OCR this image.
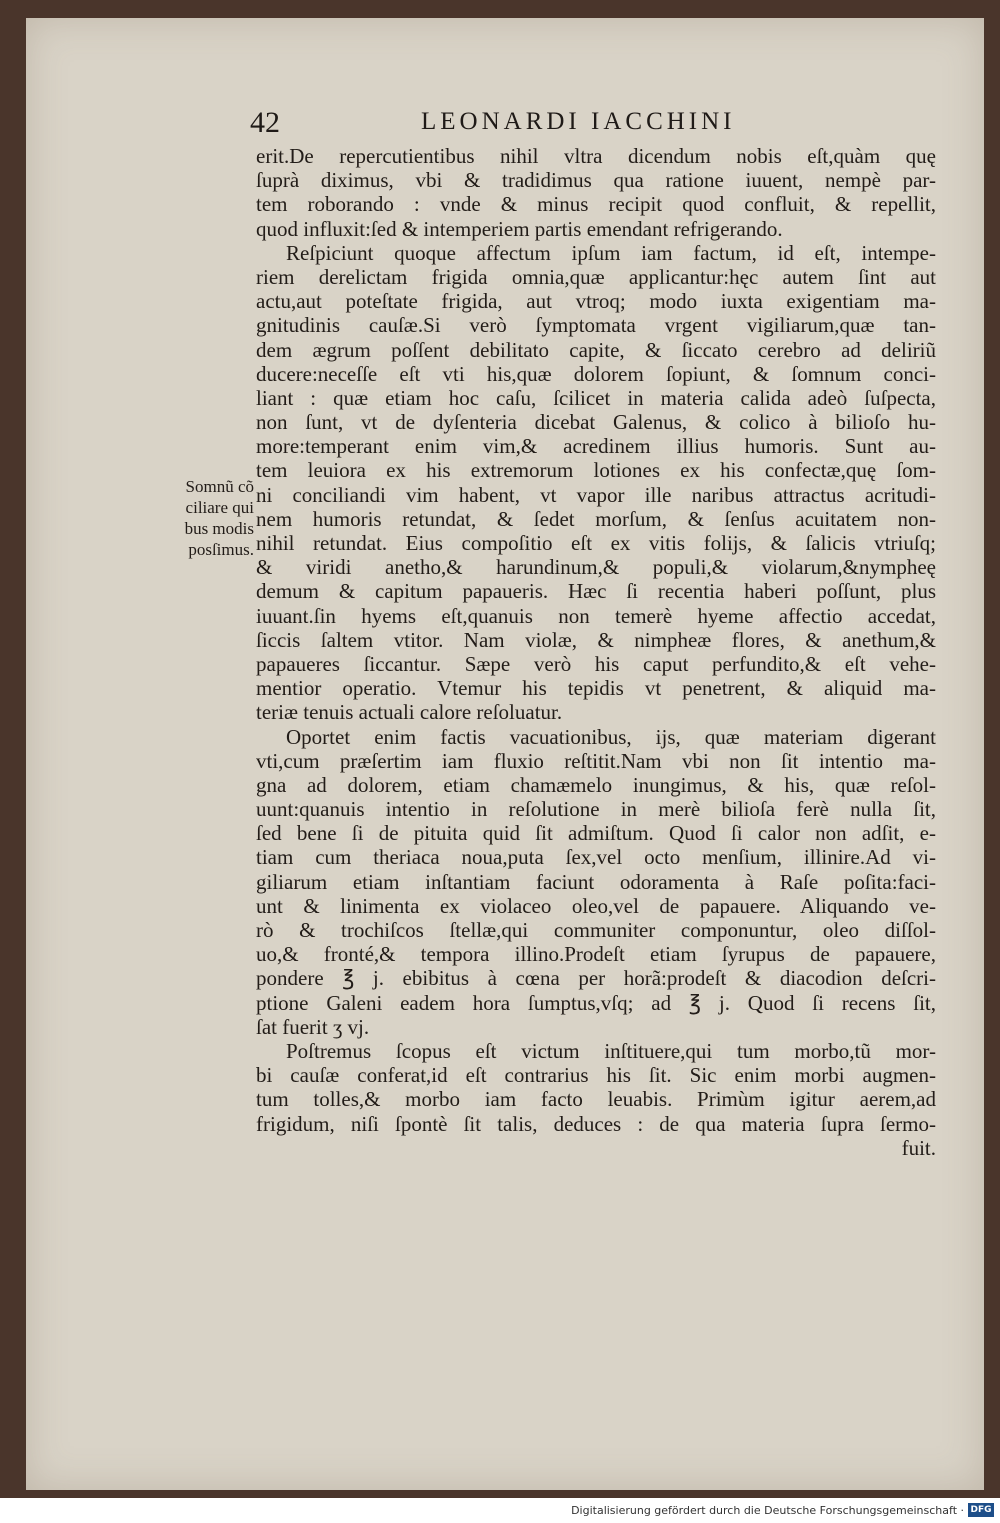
42	LEONARDI IACCHINI
Somnũ cõ
ciliare qui
bus modis
posſimus.
erit.De repercutientibus nihil vltra dicendum nobis eſt,quàm quę
ſuprà diximus, vbi & tradidimus qua ratione iuuent, nempè par-
tem roborando : vnde & minus recipit quod confluit, & repellit,
quod influxit:ſed & intemperiem partis emendant refrigerando.
Reſpiciunt quoque affectum ipſum iam factum, id eſt, intempe-
riem derelictam frigida omnia,quæ applicantur:hęc autem ſint aut
actu,aut poteſtate frigida, aut vtroq; modo iuxta exigentiam ma-
gnitudinis cauſæ.Si verò ſymptomata vrgent vigiliarum,quæ tan-
dem ægrum poſſent debilitato capite, & ſiccato cerebro ad deliriũ
ducere:neceſſe eſt vti his,quæ dolorem ſopiunt, & ſomnum conci-
liant : quæ etiam hoc caſu, ſcilicet in materia calida adeò ſuſpecta,
non ſunt, vt de dyſenteria dicebat Galenus, & colico à bilioſo hu-
more:temperant enim vim,& acredinem illius humoris. Sunt au-
tem leuiora ex his extremorum lotiones ex his confectæ,quę ſom-
ni conciliandi vim habent, vt vapor ille naribus attractus acritudi-
nem humoris retundat, & ſedet morſum, & ſenſus acuitatem non-
nihil retundat. Eius compoſitio eſt ex vitis folijs, & ſalicis vtriuſq;
& viridi anetho,& harundinum,& populi,& violarum,&nympheę
demum & capitum papaueris. Hæc ſi recentia haberi poſſunt, plus
iuuant.ſin hyems eſt,quanuis non temerè hyeme affectio accedat,
ſiccis ſaltem vtitor. Nam violæ, & nimpheæ flores, & anethum,&
papaueres ſiccantur. Sæpe verò his caput perfundito,& eſt vehe-
mentior operatio. Vtemur his tepidis vt penetrent, & aliquid ma-
teriæ tenuis actuali calore reſoluatur.
Oportet enim factis vacuationibus, ijs, quæ materiam digerant
vti,cum præſertim iam fluxio reſtitit.Nam vbi non ſit intentio ma-
gna ad dolorem, etiam chamæmelo inungimus, & his, quæ reſol-
uunt:quanuis intentio in reſolutione in merè bilioſa ferè nulla ſit,
ſed bene ſi de pituita quid ſit admiſtum. Quod ſi calor non adſit, e-
tiam cum theriaca noua,puta ſex,vel octo menſium, illinire.Ad vi-
giliarum etiam inſtantiam faciunt odoramenta à Raſe poſita:faci-
unt & linimenta ex violaceo oleo,vel de papauere. Aliquando ve-
rò & trochiſcos ſtellæ,qui communiter componuntur, oleo diſſol-
uo,& fronté,& tempora illino.Prodeſt etiam ſyrupus de papauere,
pondere ℥ j. ebibitus à cœna per horã:prodeſt & diacodion deſcri-
ptione Galeni eadem hora ſumptus,vſq; ad ℥ j. Quod ſi recens ſit,
ſat fuerit ʒ vj.
Poſtremus ſcopus eſt victum inſtituere,qui tum morbo,tũ mor-
bi cauſæ conferat,id eſt contrarius his ſit. Sic enim morbi augmen-
tum tolles,& morbo iam facto leuabis. Primùm igitur aerem,ad
frigidum, niſi ſpontè ſit talis, deduces : de qua materia ſupra ſermo-
fuit.
Digitalisierung gefördert durch die Deutsche Forschungsgemeinschaft · DFG
